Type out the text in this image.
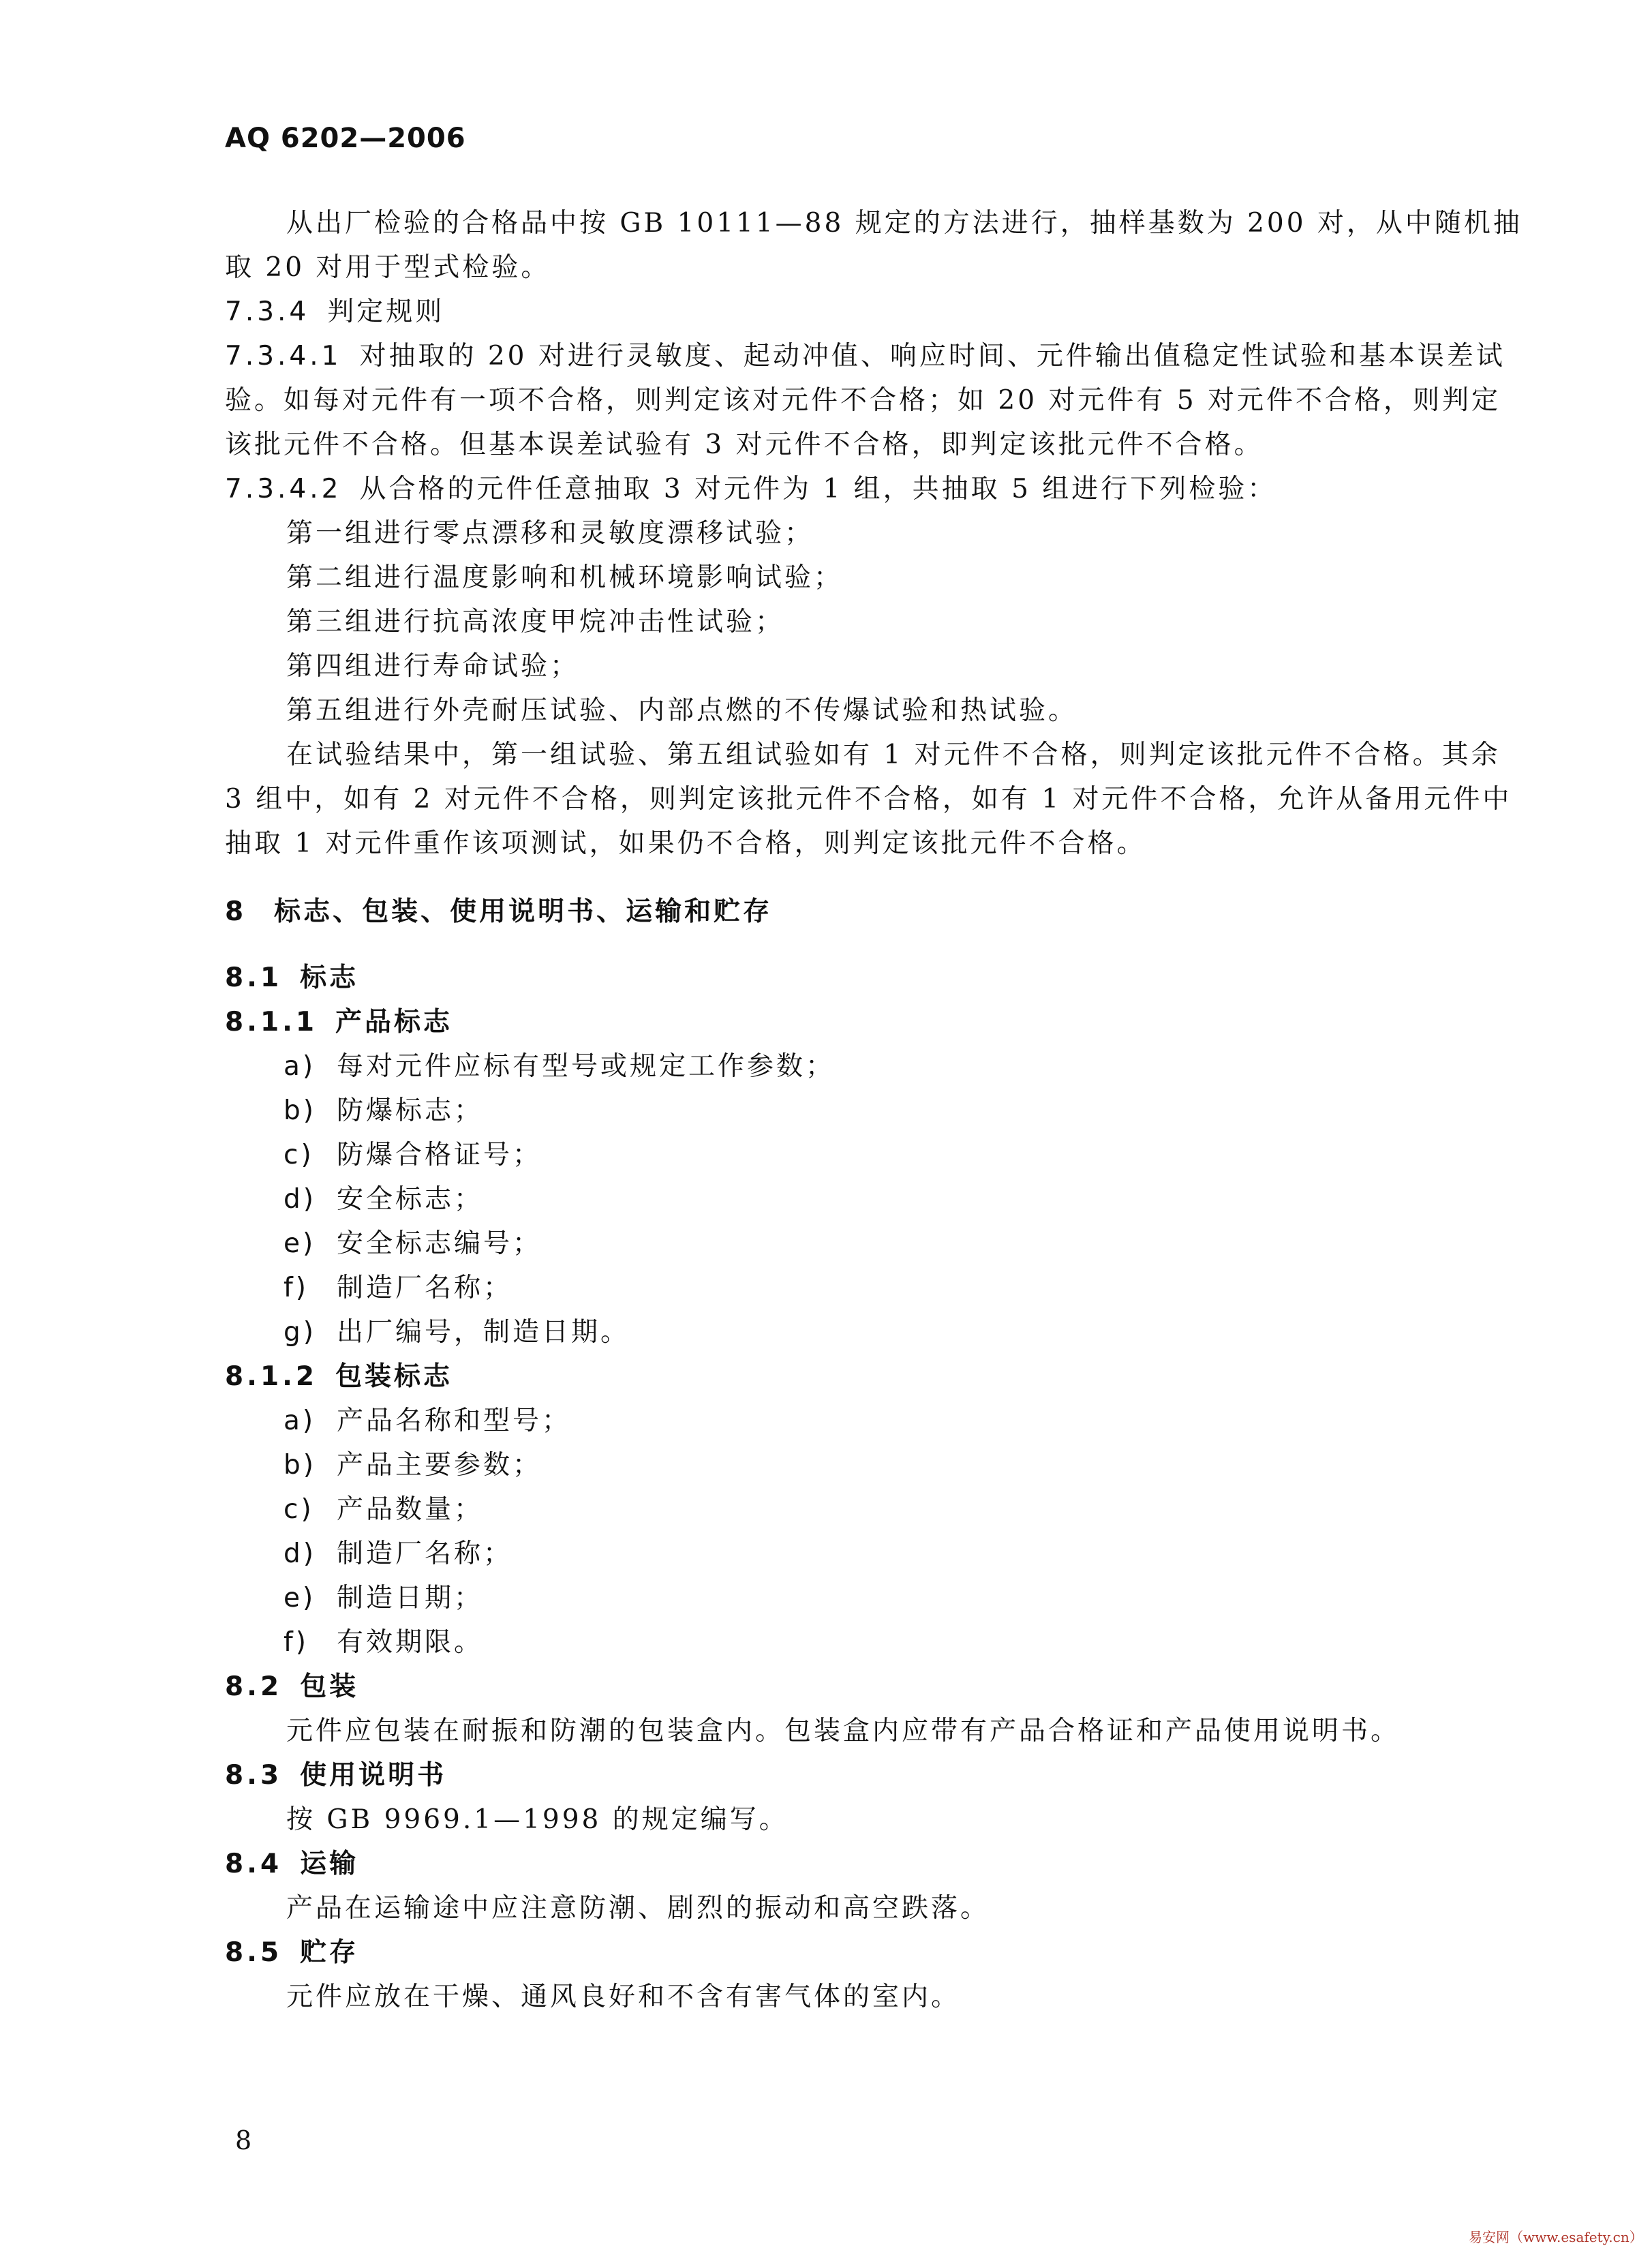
AQ 6202—2006
从出厂检验的合格品中按 GB 10111—88 规定的方法进行，抽样基数为 200 对，从中随机抽取 20 对用于型式检验。
7.3.4 判定规则
7.3.4.1 对抽取的 20 对进行灵敏度、起动冲值、响应时间、元件输出值稳定性试验和基本误差试验。如每对元件有一项不合格，则判定该对元件不合格；如 20 对元件有 5 对元件不合格，则判定该批元件不合格。但基本误差试验有 3 对元件不合格，即判定该批元件不合格。
7.3.4.2 从合格的元件任意抽取 3 对元件为 1 组，共抽取 5 组进行下列检验：
第一组进行零点漂移和灵敏度漂移试验；
第二组进行温度影响和机械环境影响试验；
第三组进行抗高浓度甲烷冲击性试验；
第四组进行寿命试验；
第五组进行外壳耐压试验、内部点燃的不传爆试验和热试验。
在试验结果中，第一组试验、第五组试验如有 1 对元件不合格，则判定该批元件不合格。其余 3 组中，如有 2 对元件不合格，则判定该批元件不合格，如有 1 对元件不合格，允许从备用元件中抽取 1 对元件重作该项测试，如果仍不合格，则判定该批元件不合格。
8 标志、包装、使用说明书、运输和贮存
8.1 标志
8.1.1 产品标志
a) 每对元件应标有型号或规定工作参数；
b) 防爆标志；
c) 防爆合格证号；
d) 安全标志；
e) 安全标志编号；
f) 制造厂名称；
g) 出厂编号，制造日期。
8.1.2 包装标志
a) 产品名称和型号；
b) 产品主要参数；
c) 产品数量；
d) 制造厂名称；
e) 制造日期；
f) 有效期限。
8.2 包装
元件应包装在耐振和防潮的包装盒内。包装盒内应带有产品合格证和产品使用说明书。
8.3 使用说明书
按 GB 9969.1—1998 的规定编写。
8.4 运输
产品在运输途中应注意防潮、剧烈的振动和高空跌落。
8.5 贮存
元件应放在干燥、通风良好和不含有害气体的室内。
8
易安网（www.esafety.cn）
